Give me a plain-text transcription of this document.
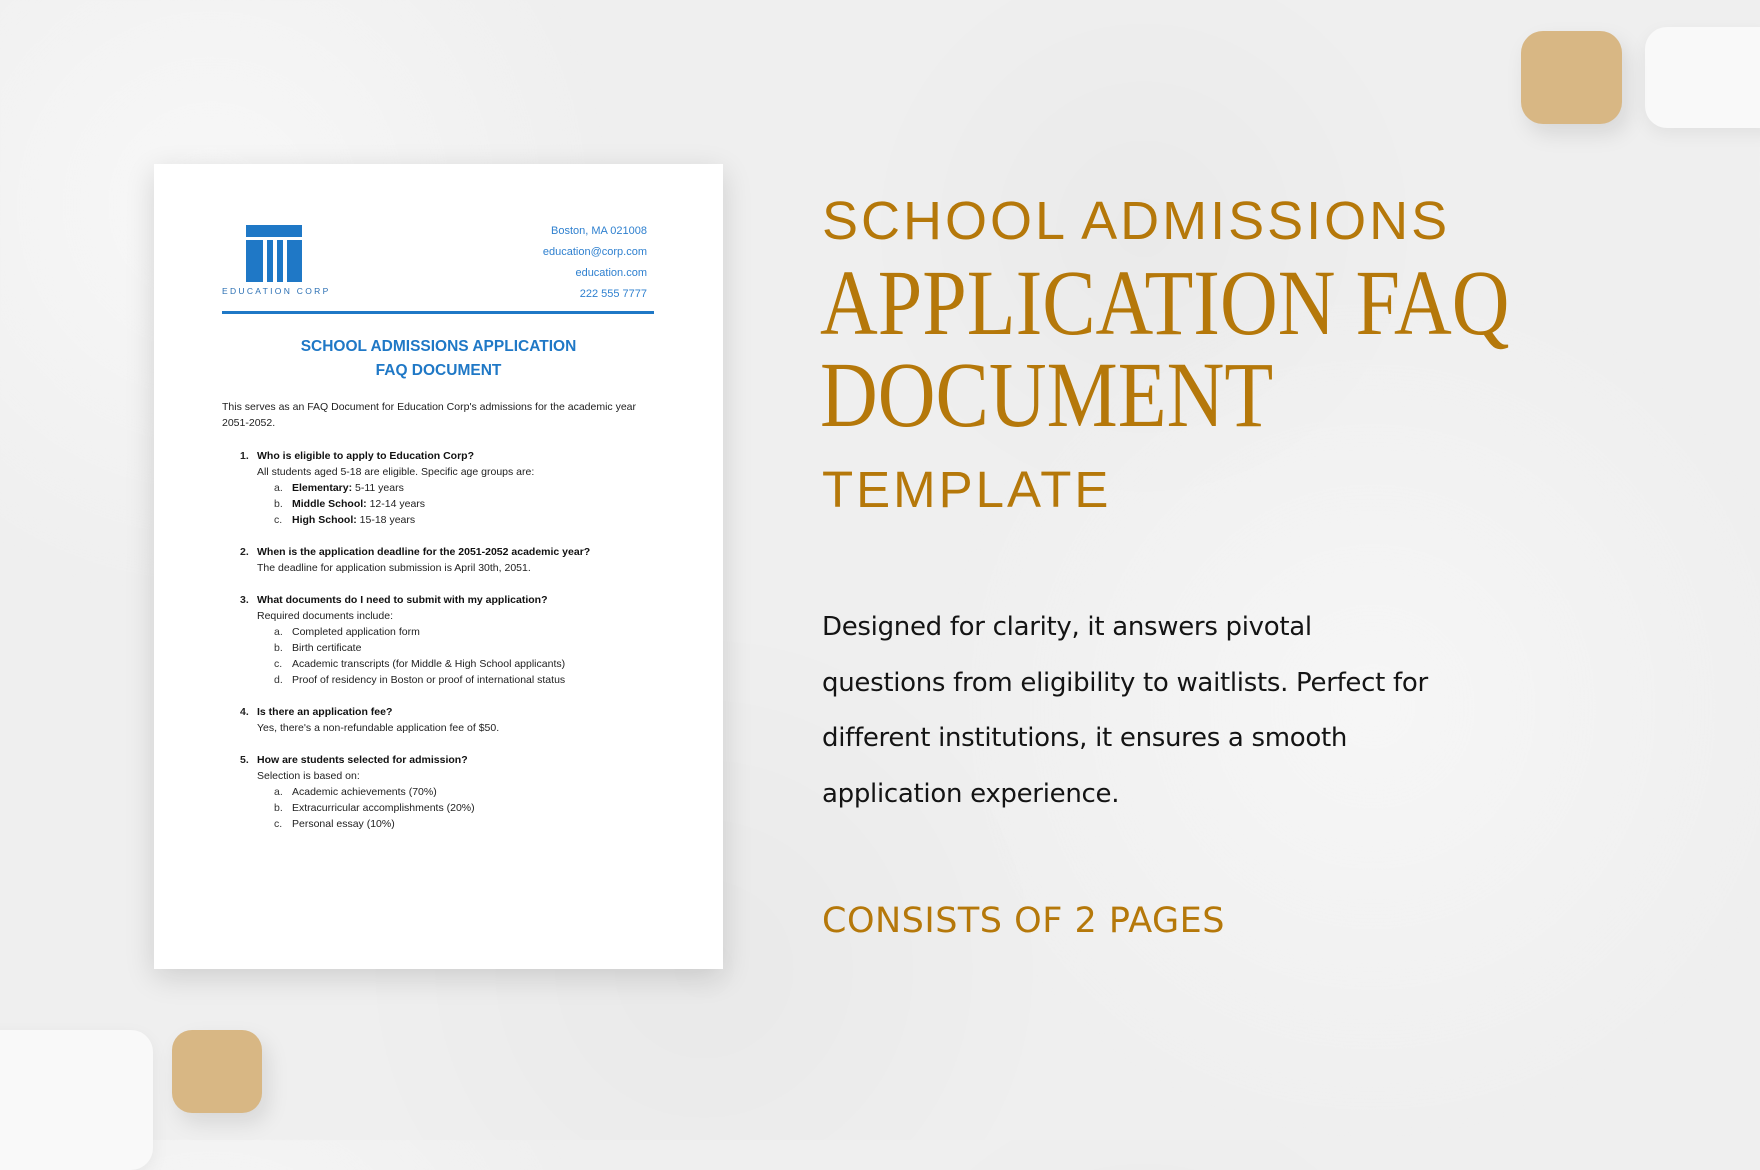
EDUCATION CORP
Boston, MA 021008
education@corp.com
education.com
222 555 7777
SCHOOL ADMISSIONS APPLICATION
FAQ DOCUMENT
This serves as an FAQ Document for Education Corp's admissions for the academic year 2051-2052.
1. Who is eligible to apply to Education Corp?
All students aged 5-18 are eligible. Specific age groups are:
a. Elementary: 5-11 years
b. Middle School: 12-14 years
c. High School: 15-18 years
2. When is the application deadline for the 2051-2052 academic year?
The deadline for application submission is April 30th, 2051.
3. What documents do I need to submit with my application?
Required documents include:
a. Completed application form
b. Birth certificate
c. Academic transcripts (for Middle & High School applicants)
d. Proof of residency in Boston or proof of international status
4. Is there an application fee?
Yes, there's a non-refundable application fee of $50.
5. How are students selected for admission?
Selection is based on:
a. Academic achievements (70%)
b. Extracurricular accomplishments (20%)
c. Personal essay (10%)
SCHOOL ADMISSIONS
APPLICATION FAQ
DOCUMENT
TEMPLATE
Designed for clarity, it answers pivotal
questions from eligibility to waitlists. Perfect for
different institutions, it ensures a smooth
application experience.
CONSISTS OF 2 PAGES
